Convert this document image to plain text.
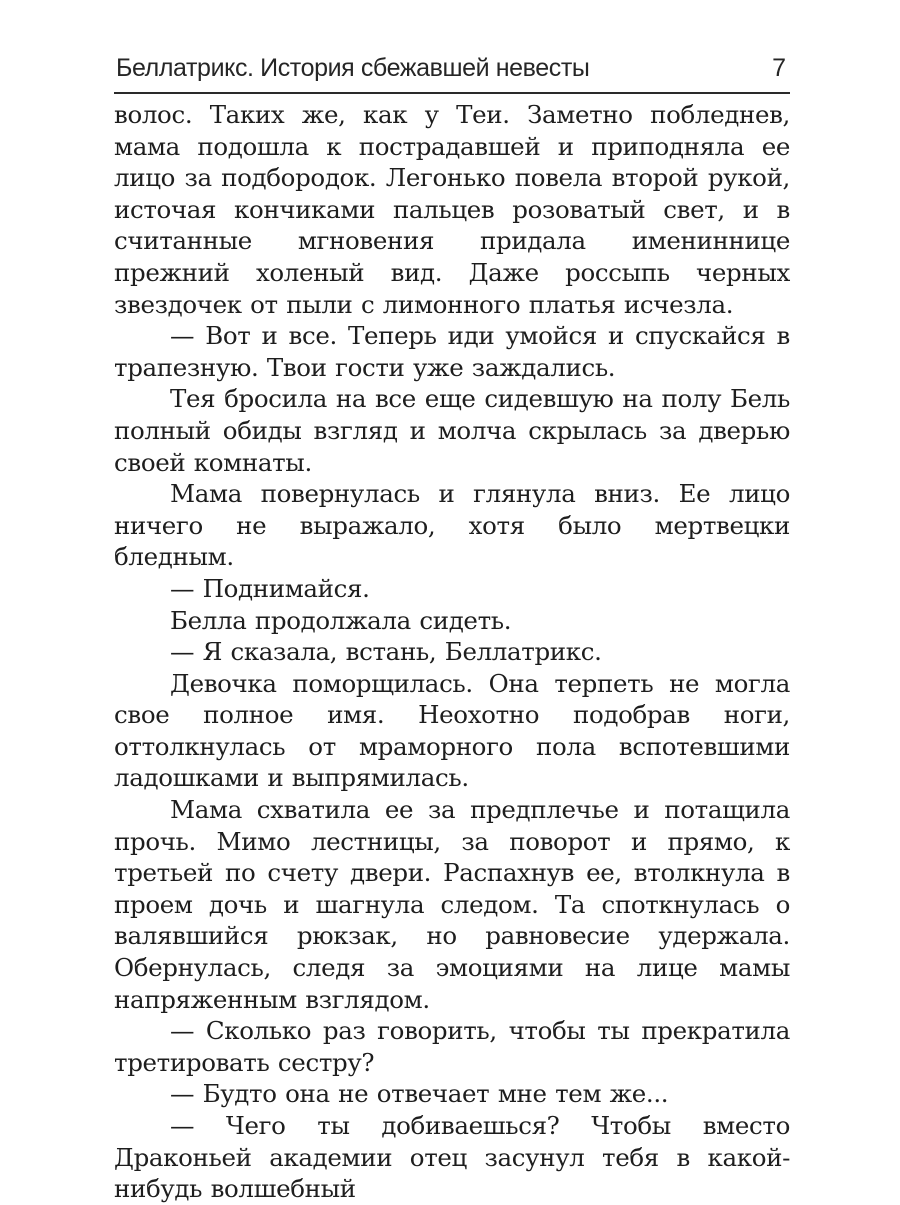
Беллатрикс. История сбежавшей невесты	7

волос. Таких же, как у Теи. Заметно побледнев, мама подошла к пострадавшей и приподняла ее лицо за подбородок. Легонько повела второй рукой, источая кончиками пальцев розоватый свет, и в считанные мгновения придала имениннице прежний холеный вид. Даже россыпь черных звездочек от пыли с лимонного платья исчезла.

— Вот и все. Теперь иди умойся и спускайся в трапезную. Твои гости уже заждались.

Тея бросила на все еще сидевшую на полу Бель полный обиды взгляд и молча скрылась за дверью своей комнаты.

Мама повернулась и глянула вниз. Ее лицо ничего не выражало, хотя было мертвецки бледным.

— Поднимайся.

Белла продолжала сидеть.

— Я сказала, встань, Беллатрикс.

Девочка поморщилась. Она терпеть не могла свое полное имя. Неохотно подобрав ноги, оттолкнулась от мраморного пола вспотевшими ладошками и выпрямилась.

Мама схватила ее за предплечье и потащила прочь. Мимо лестницы, за поворот и прямо, к третьей по счету двери. Распахнув ее, втолкнула в проем дочь и шагнула следом. Та споткнулась о валявшийся рюкзак, но равновесие удержала. Обернулась, следя за эмоциями на лице мамы напряженным взглядом.

— Сколько раз говорить, чтобы ты прекратила третировать сестру?

— Будто она не отвечает мне тем же...

— Чего ты добиваешься? Чтобы вместо Драконьей академии отец засунул тебя в какой-нибудь волшебный
